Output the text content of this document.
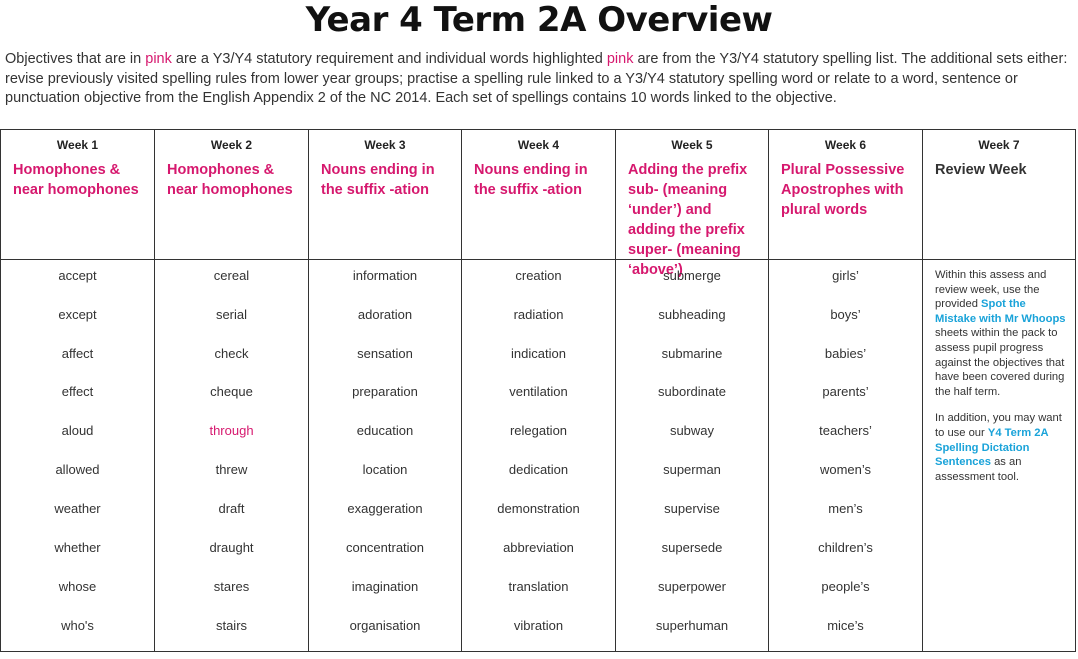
Year 4 Term 2A Overview
Objectives that are in pink are a Y3/Y4 statutory requirement and individual words highlighted pink are from the Y3/Y4 statutory spelling list. The additional sets either: revise previously visited spelling rules from lower year groups; practise a spelling rule linked to a Y3/Y4 statutory spelling word or relate to a word, sentence or punctuation objective from the English Appendix 2 of the NC 2014. Each set of spellings contains 10 words linked to the objective.
Week 1
Homophones & near homophones
accept
except
affect
effect
aloud
allowed
weather
whether
whose
who's
Week 2
Homophones & near homophones
cereal
serial
check
cheque
through
threw
draft
draught
stares
stairs
Week 3
Nouns ending in the suffix -ation
information
adoration
sensation
preparation
education
location
exaggeration
concentration
imagination
organisation
Week 4
Nouns ending in the suffix -ation
creation
radiation
indication
ventilation
relegation
dedication
demonstration
abbreviation
translation
vibration
Week 5
Adding the prefix sub- (meaning ‘under’) and adding the prefix super- (meaning ‘above’)
submerge
subheading
submarine
subordinate
subway
superman
supervise
supersede
superpower
superhuman
Week 6
Plural Possessive Apostrophes with plural words
girls’
boys’
babies’
parents’
teachers’
women’s
men’s
children’s
people’s
mice’s
Week 7
Review Week

Within this assess and review week, use the provided Spot the Mistake with Mr Whoops sheets within the pack to assess pupil progress against the objectives that have been covered during the half term.

In addition, you may want to use our Y4 Term 2A Spelling Dictation Sentences as an assessment tool.
